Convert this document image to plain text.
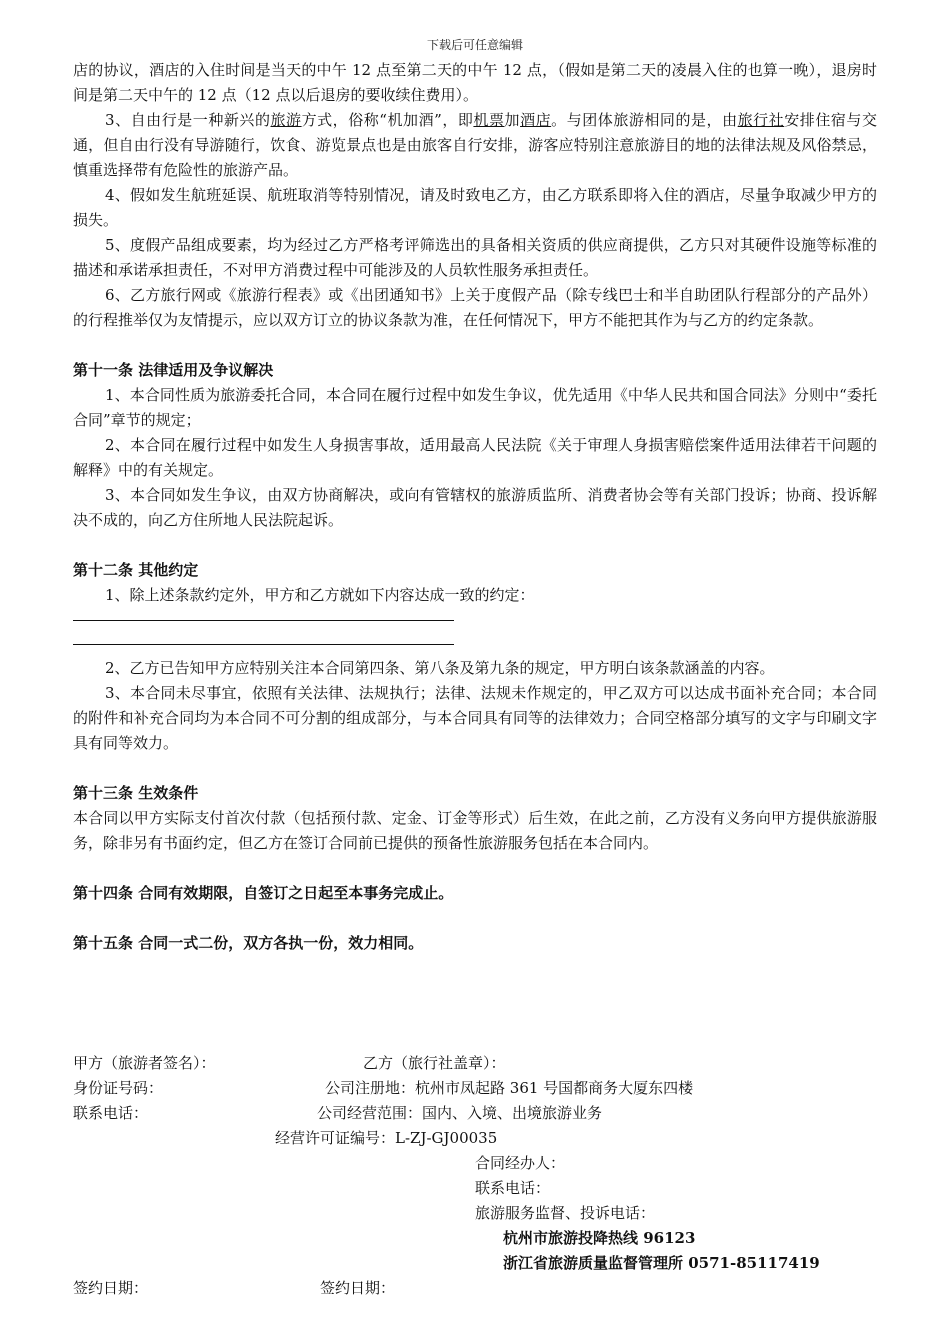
下载后可任意编辑

店的协议，酒店的入住时间是当天的中午 12 点至第二天的中午 12 点，（假如是第二天的凌晨入住的也算一晚），退房时间是第二天中午的 12 点（12 点以后退房的要收续住费用）。

3、自由行是一种新兴的旅游方式，俗称“机加酒”，即机票加酒店。与团体旅游相同的是，由旅行社安排住宿与交通，但自由行没有导游随行，饮食、游览景点也是由旅客自行安排，游客应特别注意旅游目的地的法律法规及风俗禁忌，慎重选择带有危险性的旅游产品。

4、假如发生航班延误、航班取消等特别情况，请及时致电乙方，由乙方联系即将入住的酒店，尽量争取减少甲方的损失。

5、度假产品组成要素，均为经过乙方严格考评筛选出的具备相关资质的供应商提供，乙方只对其硬件设施等标准的描述和承诺承担责任，不对甲方消费过程中可能涉及的人员软性服务承担责任。

6、乙方旅行网或《旅游行程表》或《出团通知书》上关于度假产品（除专线巴士和半自助团队行程部分的产品外）的行程推举仅为友情提示，应以双方订立的协议条款为准，在任何情况下，甲方不能把其作为与乙方的约定条款。

第十一条 法律适用及争议解决

1、本合同性质为旅游委托合同，本合同在履行过程中如发生争议，优先适用《中华人民共和国合同法》分则中“委托合同”章节的规定；

2、本合同在履行过程中如发生人身损害事故，适用最高人民法院《关于审理人身损害赔偿案件适用法律若干问题的解释》中的有关规定。

3、本合同如发生争议，由双方协商解决，或向有管辖权的旅游质监所、消费者协会等有关部门投诉；协商、投诉解决不成的，向乙方住所地人民法院起诉。

第十二条 其他约定

1、除上述条款约定外，甲方和乙方就如下内容达成一致的约定：

2、乙方已告知甲方应特别关注本合同第四条、第八条及第九条的规定，甲方明白该条款涵盖的内容。

3、本合同未尽事宜，依照有关法律、法规执行；法律、法规未作规定的，甲乙双方可以达成书面补充合同；本合同的附件和补充合同均为本合同不可分割的组成部分，与本合同具有同等的法律效力；合同空格部分填写的文字与印刷文字具有同等效力。

第十三条 生效条件

本合同以甲方实际支付首次付款（包括预付款、定金、订金等形式）后生效，在此之前，乙方没有义务向甲方提供旅游服务，除非另有书面约定，但乙方在签订合同前已提供的预备性旅游服务包括在本合同内。

第十四条 合同有效期限，自签订之日起至本事务完成止。

第十五条 合同一式二份，双方各执一份，效力相同。

甲方（旅游者签名）：	乙方（旅行社盖章）：
身份证号码：	公司注册地：杭州市凤起路 361 号国都商务大厦东四楼
联系电话：	公司经营范围：国内、入境、出境旅游业务
经营许可证编号：L-ZJ-GJ00035
合同经办人：
联系电话：
旅游服务监督、投诉电话：
杭州市旅游投降热线 96123
浙江省旅游质量监督管理所 0571-85117419
签约日期：	签约日期：
